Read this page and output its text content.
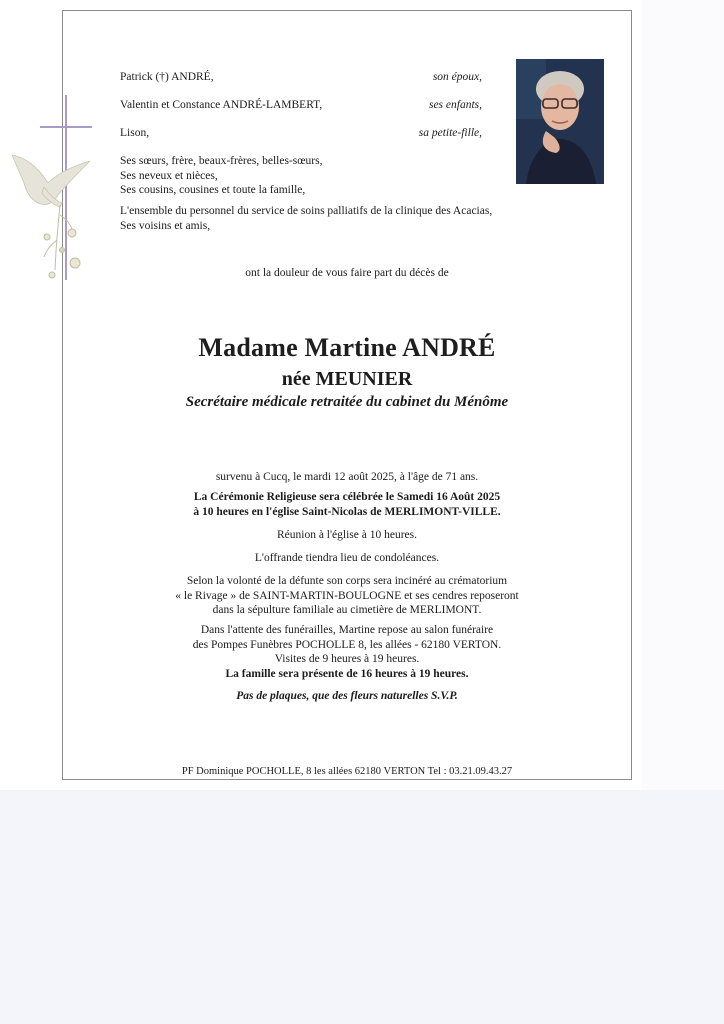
Patrick (†) ANDRÉ,	son époux,
Valentin et Constance ANDRÉ-LAMBERT,	ses enfants,
Lison,	sa petite-fille,
Ses sœurs, frère, beaux-frères, belles-sœurs,
Ses neveux et nièces,
Ses cousins, cousines et toute la famille,
L'ensemble du personnel du service de soins palliatifs de la clinique des Acacias,
Ses voisins et amis,
ont la douleur de vous faire part du décès de
Madame Martine ANDRÉ
née MEUNIER
Secrétaire médicale retraitée du cabinet du Ménôme
survenu à Cucq, le mardi 12 août 2025, à l'âge de 71 ans.
La Cérémonie Religieuse sera célébrée le Samedi 16 Août 2025
à 10 heures en l'église Saint-Nicolas de MERLIMONT-VILLE.
Réunion à l'église à 10 heures.
L'offrande tiendra lieu de condoléances.
Selon la volonté de la défunte son corps sera incinéré au crématorium
« le Rivage » de SAINT-MARTIN-BOULOGNE et ses cendres reposeront
dans la sépulture familiale au cimetière de MERLIMONT.
Dans l'attente des funérailles, Martine repose au salon funéraire
des Pompes Funèbres POCHOLLE 8, les allées - 62180 VERTON.
Visites de 9 heures à 19 heures.
La famille sera présente de 16 heures à 19 heures.
Pas de plaques, que des fleurs naturelles S.V.P.
PF Dominique POCHOLLE, 8 les allées 62180 VERTON Tel : 03.21.09.43.27
